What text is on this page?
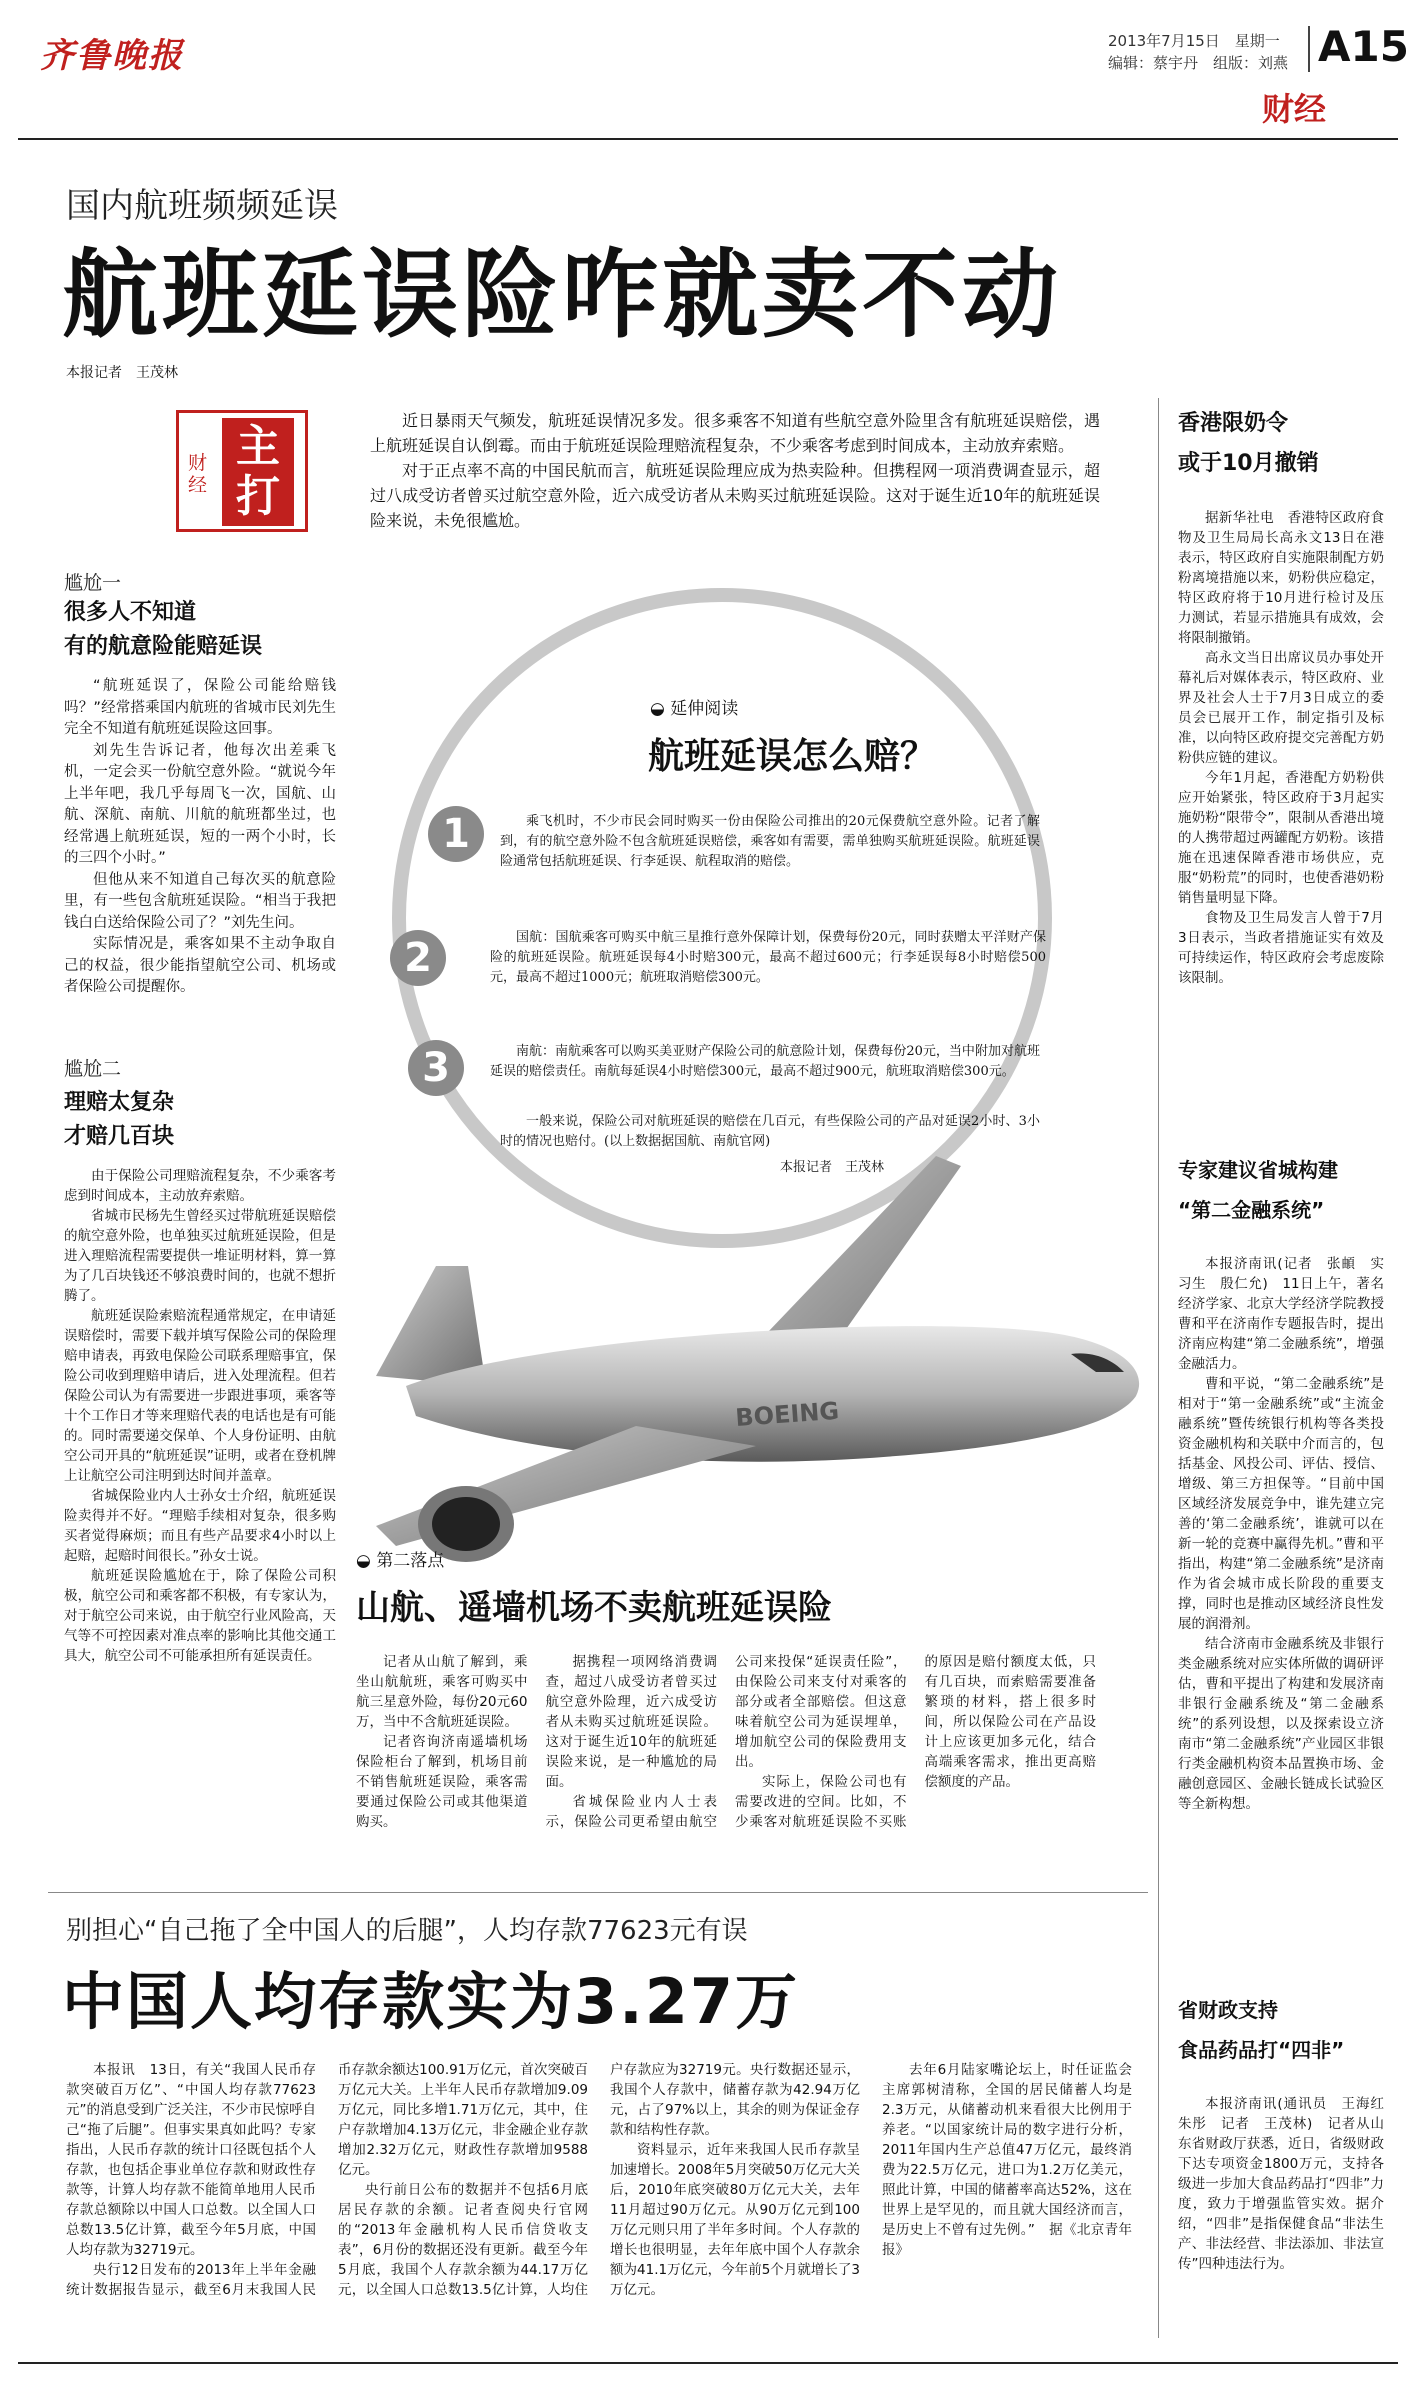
齐鲁晚报	2013年7月15日　星期一
编辑：蔡宇丹　组版：刘燕 A15
财经
国内航班频频延误
航班延误险咋就卖不动
本报记者　王茂林
财经
主打

近日暴雨天气频发，航班延误情况多发。很多乘客不知道有些航空意外险里含有航班延误赔偿，遇上航班延误自认倒霉。而由于航班延误险理赔流程复杂，不少乘客考虑到时间成本，主动放弃索赔。

对于正点率不高的中国民航而言，航班延误险理应成为热卖险种。但携程网一项消费调查显示，超过八成受访者曾买过航空意外险，近六成受访者从未购买过航班延误险。这对于诞生近10年的航班延误险来说，未免很尴尬。

尴尬一
很多人不知道
有的航意险能赔延误

“航班延误了，保险公司能给赔钱吗？”经常搭乘国内航班的省城市民刘先生完全不知道有航班延误险这回事。

刘先生告诉记者，他每次出差乘飞机，一定会买一份航空意外险。“就说今年上半年吧，我几乎每周飞一次，国航、山航、深航、南航、川航的航班都坐过，也经常遇上航班延误，短的一两个小时，长的三四个小时。”

但他从来不知道自己每次买的航意险里，有一些包含航班延误险。“相当于我把钱白白送给保险公司了？”刘先生问。

实际情况是，乘客如果不主动争取自己的权益，很少能指望航空公司、机场或者保险公司提醒你。

尴尬二
理赔太复杂
才赔几百块

由于保险公司理赔流程复杂，不少乘客考虑到时间成本，主动放弃索赔。

省城市民杨先生曾经买过带航班延误赔偿的航空意外险，也单独买过航班延误险，但是进入理赔流程需要提供一堆证明材料，算一算为了几百块钱还不够浪费时间的，也就不想折腾了。

航班延误险索赔流程通常规定，在申请延误赔偿时，需要下载并填写保险公司的保险理赔申请表，再致电保险公司联系理赔事宜，保险公司收到理赔申请后，进入处理流程。但若保险公司认为有需要进一步跟进事项，乘客等十个工作日才等来理赔代表的电话也是有可能的。同时需要递交保单、个人身份证明、由航空公司开具的“航班延误”证明，或者在登机牌上让航空公司注明到达时间并盖章。

省城保险业内人士孙女士介绍，航班延误险卖得并不好。“理赔手续相对复杂，很多购买者觉得麻烦；而且有些产品要求4小时以上起赔，起赔时间很长。”孙女士说。

航班延误险尴尬在于，除了保险公司积极，航空公司和乘客都不积极，有专家认为，对于航空公司来说，由于航空行业风险高，天气等不可控因素对准点率的影响比其他交通工具大，航空公司不可能承担所有延误责任。

◒ 延伸阅读
航班延误怎么赔？
1	乘飞机时，不少市民会同时购买一份由保险公司推出的20元保费航空意外险。记者了解到，有的航空意外险不包含航班延误赔偿，乘客如有需要，需单独购买航班延误险。航班延误险通常包括航班延误、行李延误、航程取消的赔偿。
2	国航：国航乘客可购买中航三星推行意外保障计划，保费每份20元，同时获赠太平洋财产保险的航班延误险。航班延误每4小时赔300元，最高不超过600元；行李延误每8小时赔偿500元，最高不超过1000元；航班取消赔偿300元。
3	南航：南航乘客可以购买美亚财产保险公司的航意险计划，保费每份20元，当中附加对航班延误的赔偿责任。南航每延误4小时赔偿300元，最高不超过900元，航班取消赔偿300元。
一般来说，保险公司对航班延误的赔偿在几百元，有些保险公司的产品对延误2小时、3小时的情况也赔付。(以上数据据国航、南航官网)
本报记者　王茂林
BOEING
◒ 第二落点
山航、遥墙机场不卖航班延误险

记者从山航了解到，乘坐山航航班，乘客可购买中航三星意外险，每份20元60万，当中不含航班延误险。

记者咨询济南遥墙机场保险柜台了解到，机场目前不销售航班延误险，乘客需要通过保险公司或其他渠道购买。

据携程一项网络消费调查，超过八成受访者曾买过航空意外险理，近六成受访者从未购买过航班延误险。这对于诞生近10年的航班延误险来说，是一种尴尬的局面。

省城保险业内人士表示，保险公司更希望由航空公司来投保“延误责任险”，由保险公司来支付对乘客的部分或者全部赔偿。但这意味着航空公司为延误埋单，增加航空公司的保险费用支出。

实际上，保险公司也有需要改进的空间。比如，不少乘客对航班延误险不买账的原因是赔付额度太低，只有几百块，而索赔需要准备繁琐的材料，搭上很多时间，所以保险公司在产品设计上应该更加多元化，结合高端乘客需求，推出更高赔偿额度的产品。

香港限奶令
或于10月撤销

据新华社电　香港特区政府食物及卫生局局长高永文13日在港表示，特区政府自实施限制配方奶粉离境措施以来，奶粉供应稳定，特区政府将于10月进行检讨及压力测试，若显示措施具有成效，会将限制撤销。

高永文当日出席议员办事处开幕礼后对媒体表示，特区政府、业界及社会人士于7月3日成立的委员会已展开工作，制定指引及标准，以向特区政府提交完善配方奶粉供应链的建议。

今年1月起，香港配方奶粉供应开始紧张，特区政府于3月起实施奶粉“限带令”，限制从香港出境的人携带超过两罐配方奶粉。该措施在迅速保障香港市场供应，克服“奶粉荒”的同时，也使香港奶粉销售量明显下降。

食物及卫生局发言人曾于7月3日表示，当政者措施证实有效及可持续运作，特区政府会考虑废除该限制。

专家建议省城构建
“第二金融系统”

本报济南讯(记者　张頔　实习生　殷仁允)　11日上午，著名经济学家、北京大学经济学院教授曹和平在济南作专题报告时，提出济南应构建“第二金融系统”，增强金融活力。

曹和平说，“第二金融系统”是相对于“第一金融系统”或“主流金融系统”暨传统银行机构等各类投资金融机构和关联中介而言的，包括基金、风投公司、评估、授信、增级、第三方担保等。“目前中国区域经济发展竞争中，谁先建立完善的‘第二金融系统’，谁就可以在新一轮的竞赛中赢得先机。”曹和平指出，构建“第二金融系统”是济南作为省会城市成长阶段的重要支撑，同时也是推动区域经济良性发展的润滑剂。

结合济南市金融系统及非银行类金融系统对应实体所做的调研评估，曹和平提出了构建和发展济南非银行金融系统及“第二金融系统”的系列设想，以及探索设立济南市“第二金融系统”产业园区非银行类金融机构资本品置换市场、金融创意园区、金融长链成长试验区等全新构想。

省财政支持
食品药品打“四非”

本报济南讯(通讯员　王海红　朱彤　记者　王茂林)　记者从山东省财政厅获悉，近日，省级财政下达专项资金1800万元，支持各级进一步加大食品药品打“四非”力度，致力于增强监管实效。据介绍，“四非”是指保健食品“非法生产、非法经营、非法添加、非法宣传”四种违法行为。

别担心“自己拖了全中国人的后腿”，人均存款77623元有误
中国人均存款实为3.27万

本报讯　13日，有关“我国人民币存款突破百万亿”、“中国人均存款77623元”的消息受到广泛关注，不少市民惊呼自己“拖了后腿”。但事实果真如此吗？专家指出，人民币存款的统计口径既包括个人存款，也包括企事业单位存款和财政性存款等，计算人均存款不能简单地用人民币存款总额除以中国人口总数。以全国人口总数13.5亿计算，截至今年5月底，中国人均存款为32719元。

央行12日发布的2013年上半年金融统计数据报告显示，截至6月末我国人民币存款余额达100.91万亿元，首次突破百万亿元大关。上半年人民币存款增加9.09万亿元，同比多增1.71万亿元，其中，住户存款增加4.13万亿元，非金融企业存款增加2.32万亿元，财政性存款增加9588亿元。

央行前日公布的数据并不包括6月底居民存款的余额。记者查阅央行官网的“2013年金融机构人民币信贷收支表”，6月份的数据还没有更新。截至今年5月底，我国个人存款余额为44.17万亿元，以全国人口总数13.5亿计算，人均住户存款应为32719元。央行数据还显示，我国个人存款中，储蓄存款为42.94万亿元，占了97%以上，其余的则为保证金存款和结构性存款。

资料显示，近年来我国人民币存款呈加速增长。2008年5月突破50万亿元大关后，2010年底突破80万亿元大关，去年11月超过90万亿元。从90万亿元到100万亿元则只用了半年多时间。个人存款的增长也很明显，去年年底中国个人存款余额为41.1万亿元，今年前5个月就增长了3万亿元。

去年6月陆家嘴论坛上，时任证监会主席郭树清称，全国的居民储蓄人均是2.3万元，从储蓄动机来看很大比例用于养老。“以国家统计局的数字进行分析，2011年国内生产总值47万亿元，最终消费为22.5万亿元，进口为1.2万亿美元，照此计算，中国的储蓄率高达52%，这在世界上是罕见的，而且就大国经济而言，是历史上不曾有过先例。”　据《北京青年报》
